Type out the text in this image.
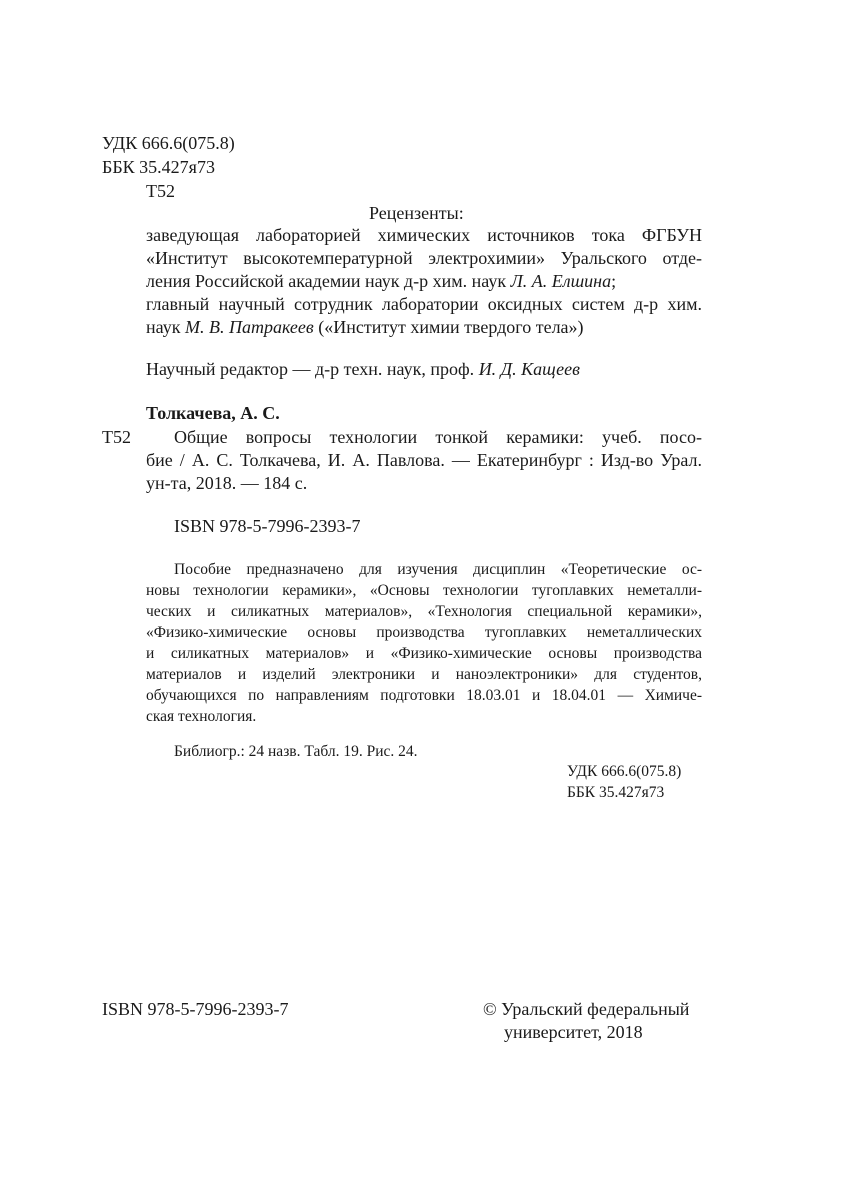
УДК 666.6(075.8)
ББК 35.427я73
Т52
Рецензенты:
заведующая лабораторией химических источников тока ФГБУН
«Институт высокотемпературной электрохимии» Уральского отде-
ления Российской академии наук д-р хим. наук Л. А. Елшина;
главный научный сотрудник лаборатории оксидных систем д-р хим.
наук М. В. Патракеев («Институт химии твердого тела»)
Научный редактор — д-р техн. наук, проф. И. Д. Кащеев
Толкачева, А. С.
Т52 Общие вопросы технологии тонкой керамики: учеб. посо-
бие / А. С. Толкачева, И. А. Павлова. — Екатеринбург : Изд-во Урал.
ун-та, 2018. — 184 с.
ISBN 978-5-7996-2393-7
Пособие предназначено для изучения дисциплин «Теоретические ос-
новы технологии керамики», «Основы технологии тугоплавких неметалли-
ческих и силикатных материалов», «Технология специальной керамики»,
«Физико-химические основы производства тугоплавких неметаллических
и силикатных материалов» и «Физико-химические основы производства
материалов и изделий электроники и наноэлектроники» для студентов,
обучающихся по направлениям подготовки 18.03.01 и 18.04.01 — Химиче-
ская технология.
Библиогр.: 24 назв. Табл. 19. Рис. 24.
УДК 666.6(075.8)
ББК 35.427я73
ISBN 978-5-7996-2393-7	© Уральский федеральный
университет, 2018
